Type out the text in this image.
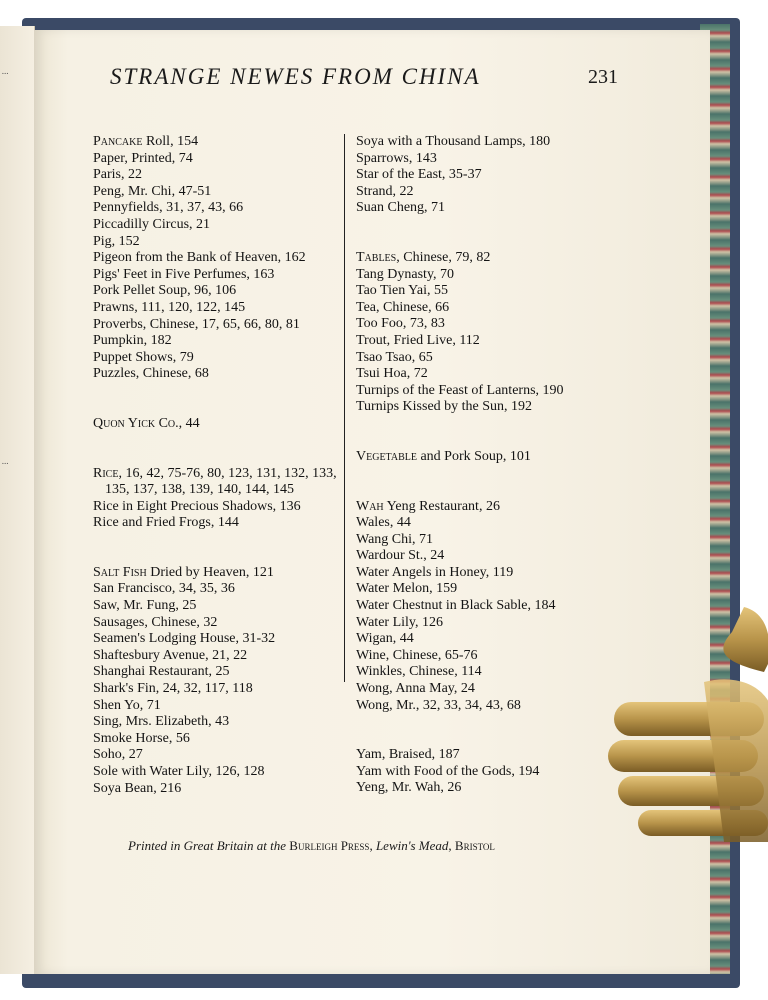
...
...
STRANGE NEWES FROM CHINA	231
Pancake Roll, 154
Paper, Printed, 74
Paris, 22
Peng, Mr. Chi, 47-51
Pennyfields, 31, 37, 43, 66
Piccadilly Circus, 21
Pig, 152
Pigeon from the Bank of Heaven, 162
Pigs' Feet in Five Perfumes, 163
Pork Pellet Soup, 96, 106
Prawns, 111, 120, 122, 145
Proverbs, Chinese, 17, 65, 66, 80, 81
Pumpkin, 182
Puppet Shows, 79
Puzzles, Chinese, 68
Quon Yick Co., 44
Rice, 16, 42, 75-76, 80, 123, 131, 132, 133,
135, 137, 138, 139, 140, 144, 145
Rice in Eight Precious Shadows, 136
Rice and Fried Frogs, 144
Salt Fish Dried by Heaven, 121
San Francisco, 34, 35, 36
Saw, Mr. Fung, 25
Sausages, Chinese, 32
Seamen's Lodging House, 31-32
Shaftesbury Avenue, 21, 22
Shanghai Restaurant, 25
Shark's Fin, 24, 32, 117, 118
Shen Yo, 71
Sing, Mrs. Elizabeth, 43
Smoke Horse, 56
Soho, 27
Sole with Water Lily, 126, 128
Soya Bean, 216
Soya with a Thousand Lamps, 180
Sparrows, 143
Star of the East, 35-37
Strand, 22
Suan Cheng, 71
Tables, Chinese, 79, 82
Tang Dynasty, 70
Tao Tien Yai, 55
Tea, Chinese, 66
Too Foo, 73, 83
Trout, Fried Live, 112
Tsao Tsao, 65
Tsui Hoa, 72
Turnips of the Feast of Lanterns, 190
Turnips Kissed by the Sun, 192
Vegetable and Pork Soup, 101
Wah Yeng Restaurant, 26
Wales, 44
Wang Chi, 71
Wardour St., 24
Water Angels in Honey, 119
Water Melon, 159
Water Chestnut in Black Sable, 184
Water Lily, 126
Wigan, 44
Wine, Chinese, 65-76
Winkles, Chinese, 114
Wong, Anna May, 24
Wong, Mr., 32, 33, 34, 43, 68
Yam, Braised, 187
Yam with Food of the Gods, 194
Yeng, Mr. Wah, 26
Printed in Great Britain at the Burleigh Press, Lewin's Mead, Bristol
